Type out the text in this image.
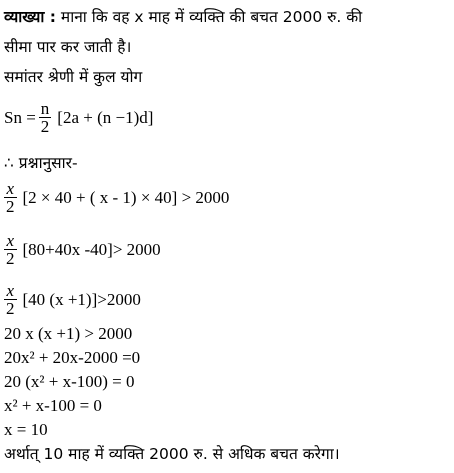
व्याख्या : माना कि वह x माह में व्यक्ति की बचत 2000 रु. की
सीमा पार कर जाती है।
समांतर श्रेणी में कुल योग
$Sn = \frac{n}{2} [2a + (n -1)d]$
∴ प्रश्नानुसार-
$\frac{x}{2} [2 \times 40$ + ( x - 1) × 40] > 2000
$\frac{x}{2} [80+40x$ -40]> 2000
$\frac{x}{2} [40$ (x +1)]>2000
20 x (x +1) > 2000
20x² + 20x-2000 =0
20 (x² + x-100) = 0
x² + x-100 = 0
x = 10
अर्थात् 10 माह में व्यक्ति 2000 रु. से अधिक बचत करेगा।
